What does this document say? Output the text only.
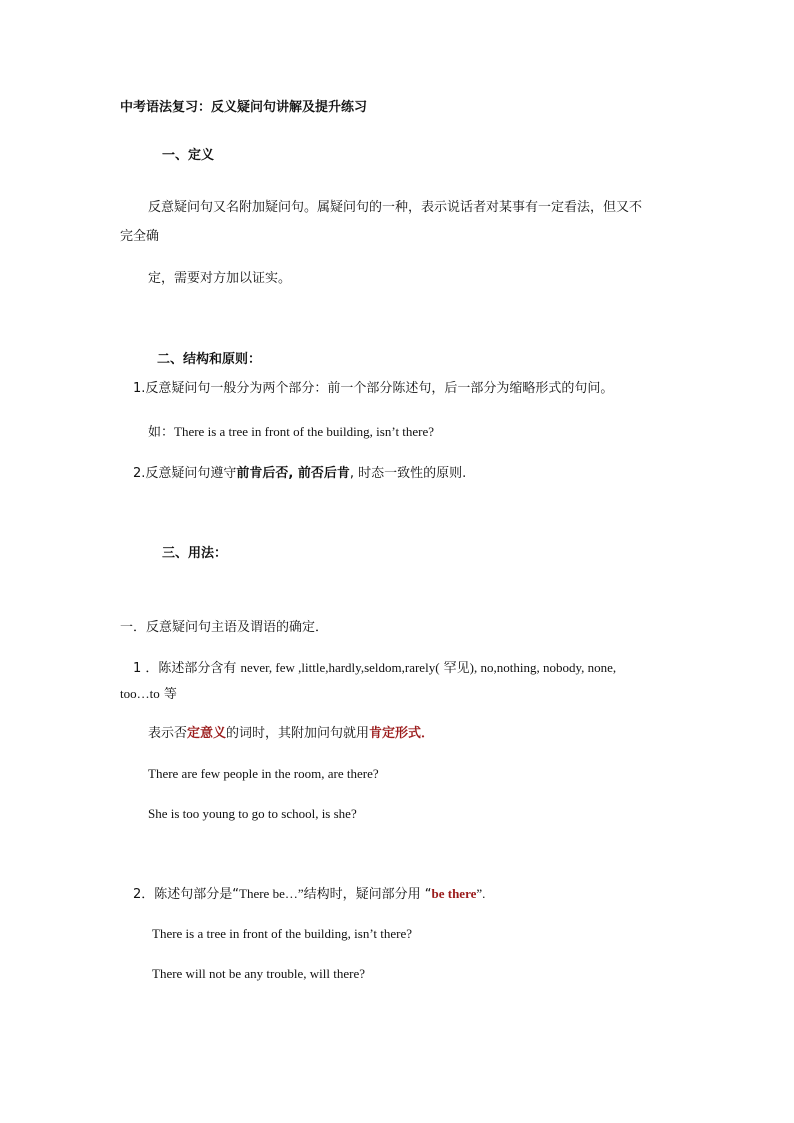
中考语法复习：反义疑问句讲解及提升练习
一、定义
反意疑问句又名附加疑问句。属疑问句的一种，表示说话者对某事有一定看法，但又不
完全确
定，需要对方加以证实。
二、结构和原则：
1.反意疑问句一般分为两个部分：前一个部分陈述句，后一部分为缩略形式的句问。
如：There is a tree in front of the building, isn’t there?
2.反意疑问句遵守前肯后否, 前否后肯, 时态一致性的原则.
三、用法：
一．反意疑问句主语及谓语的确定．
1 ．陈述部分含有 never, few ,little,hardly,seldom,rarely( 罕见), no,nothing, nobody, none,
too…to 等
表示否定意义的词时，其附加问句就用肯定形式．
There are few people in the room, are there?
She is too young to go to school, is she?
2．陈述句部分是“There be…”结构时，疑问部分用 “be there”.
There is a tree in front of the building, isn’t there?
There will not be any trouble, will there?
